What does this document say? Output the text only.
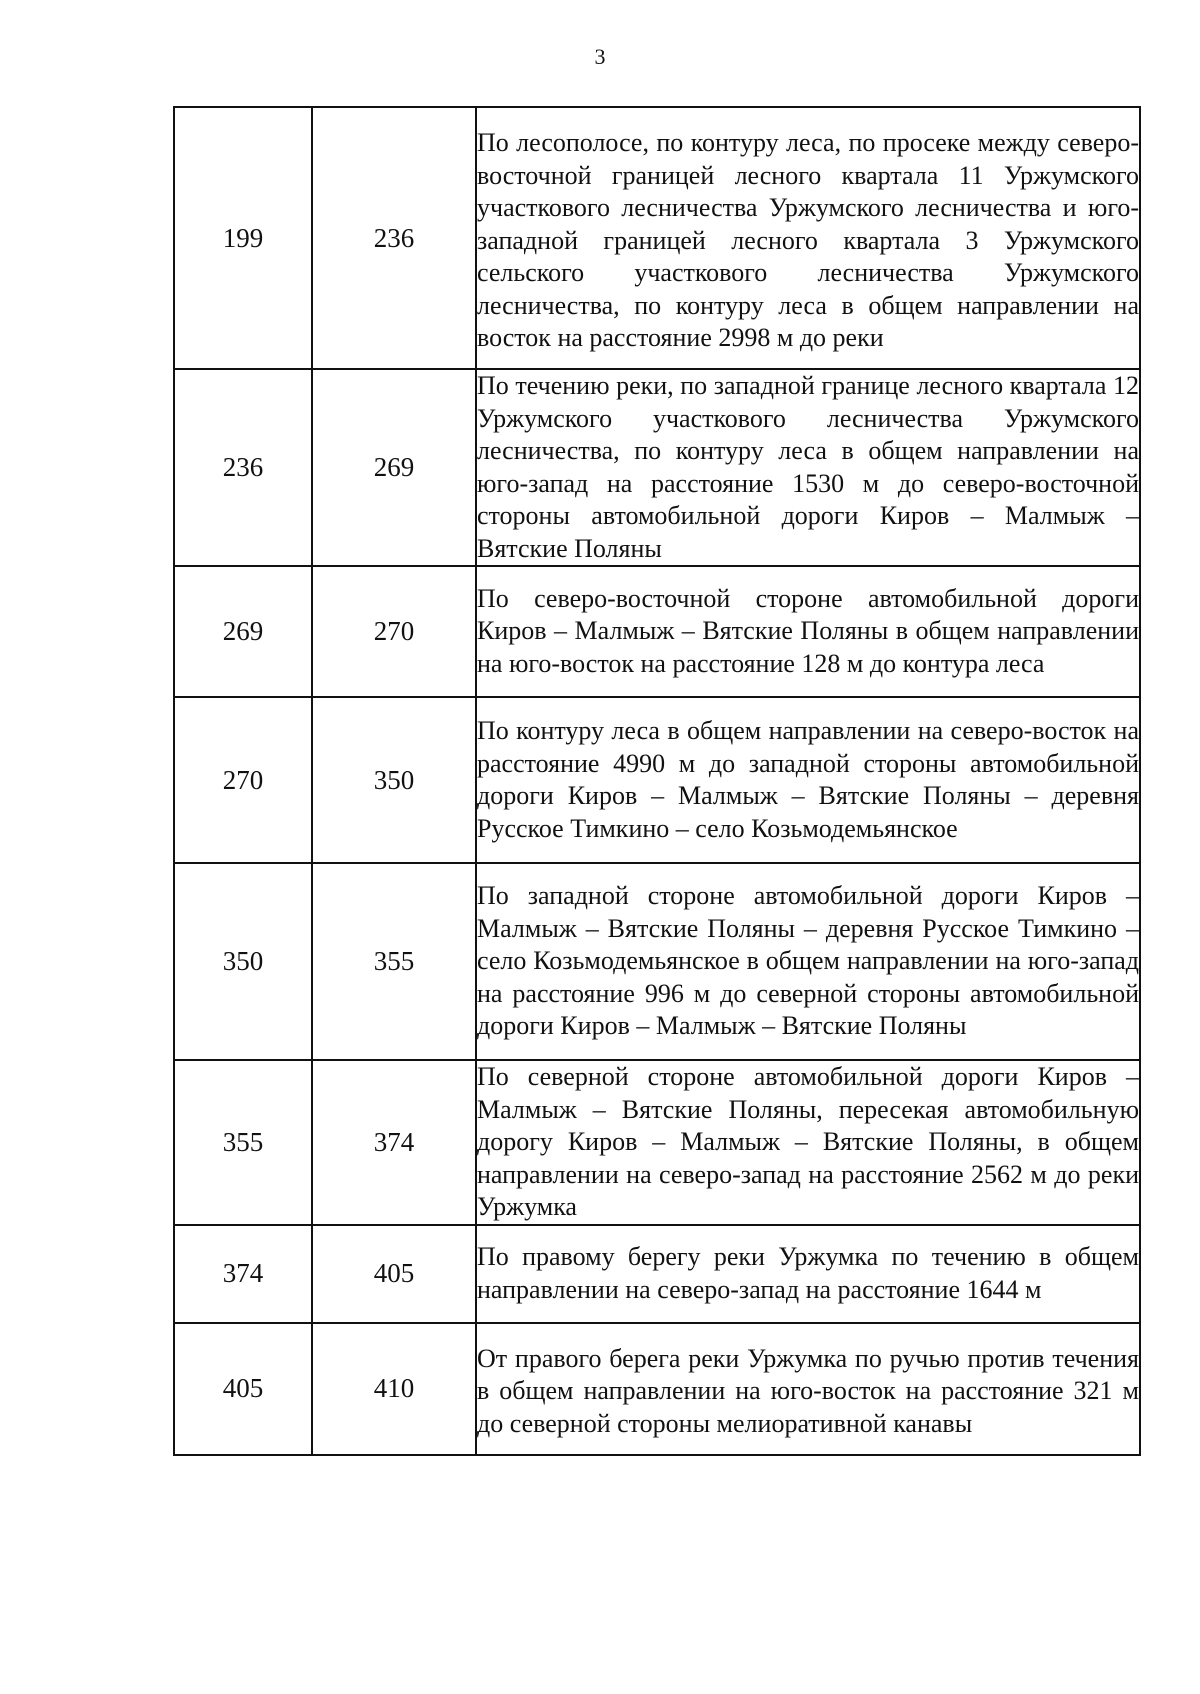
3
199	236	По лесополосе, по контуру леса, по просеке между северо-восточной границей лесного квартала 11 Уржумского участкового лесничества Уржумского лесничества и юго-западной границей лесного квартала 3 Уржумского сельского участкового лесничества Уржумского лесничества, по контуру леса в общем направлении на восток на расстояние 2998 м до реки
236	269	По течению реки, по западной границе лесного квартала 12 Уржумского участкового лесничества Уржумского лесничества, по контуру леса в общем направлении на юго-запад на расстояние 1530 м до северо-восточной стороны автомобильной дороги Киров – Малмыж – Вятские Поляны
269	270	По северо-восточной стороне автомобильной дороги Киров – Малмыж – Вятские Поляны в общем направлении на юго-восток на расстояние 128 м до контура леса
270	350	По контуру леса в общем направлении на северо-восток на расстояние 4990 м до западной стороны автомобильной дороги Киров – Малмыж – Вятские Поляны – деревня Русское Тимкино – село Козьмодемьянское
350	355	По западной стороне автомобильной дороги Киров – Малмыж – Вятские Поляны – деревня Русское Тимкино – село Козьмодемьянское в общем направлении на юго-запад на расстояние 996 м до северной стороны автомобильной дороги Киров – Малмыж – Вятские Поляны
355	374	По северной стороне автомобильной дороги Киров – Малмыж – Вятские Поляны, пересекая автомобильную дорогу Киров – Малмыж – Вятские Поляны, в общем направлении на северо-запад на расстояние 2562 м до реки Уржумка
374	405	По правому берегу реки Уржумка по течению в общем направлении на северо-запад на расстояние 1644 м
405	410	От правого берега реки Уржумка по ручью против течения в общем направлении на юго-восток на расстояние 321 м до северной стороны мелиоративной канавы
